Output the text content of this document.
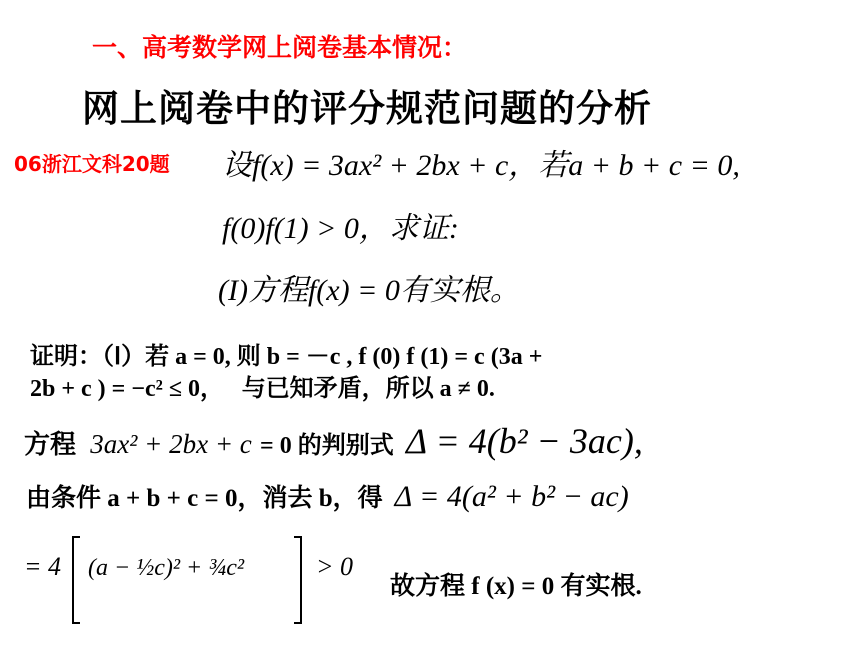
一、高考数学网上阅卷基本情况：
网上阅卷中的评分规范问题的分析
06浙江文科20题 设f(x) = 3ax² + 2bx + c，若a + b + c = 0,
f(0)f(1) > 0，求证:
(I)方程f(x) = 0有实根。
证明：（Ⅰ）若 a = 0, 则 b = －c , f (0) f (1) = c (3a +
2b + c ) = −c² ≤ 0， 与已知矛盾，所以 a ≠ 0.
方程 3ax² + 2bx + c = 0 的判别式 Δ = 4(b² − 3ac),
由条件 a + b + c = 0，消去 b，得 Δ = 4(a² + b² − ac)
= 4 (a − ½c)² + ¾c²	> 0
故方程 f (x) = 0 有实根.
